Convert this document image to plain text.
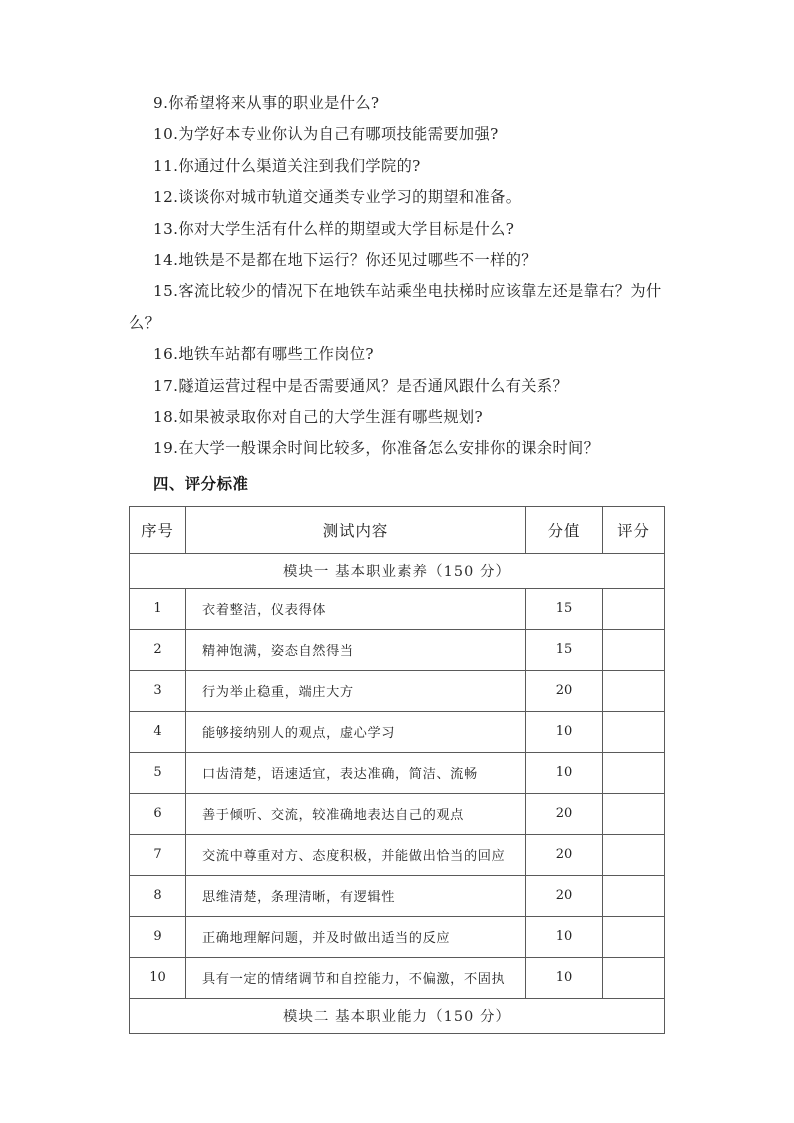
9.你希望将来从事的职业是什么?
10.为学好本专业你认为自己有哪项技能需要加强?
11.你通过什么渠道关注到我们学院的?
12.谈谈你对城市轨道交通类专业学习的期望和准备。
13.你对大学生活有什么样的期望或大学目标是什么?
14.地铁是不是都在地下运行？你还见过哪些不一样的？
15.客流比较少的情况下在地铁车站乘坐电扶梯时应该靠左还是靠右？为什么？
16.地铁车站都有哪些工作岗位?
17.隧道运营过程中是否需要通风？是否通风跟什么有关系？
18.如果被录取你对自己的大学生涯有哪些规划?
19.在大学一般课余时间比较多，你准备怎么安排你的课余时间？
四、评分标准
序号	测试内容	分值	评分
模块一 基本职业素养（150 分）			
1	衣着整洁，仪表得体	15	
2	精神饱满，姿态自然得当	15	
3	行为举止稳重，端庄大方	20	
4	能够接纳别人的观点，虚心学习	10	
5	口齿清楚，语速适宜，表达准确，简洁、流畅	10	
6	善于倾听、交流，较准确地表达自己的观点	20	
7	交流中尊重对方、态度积极，并能做出恰当的回应	20	
8	思维清楚，条理清晰，有逻辑性	20	
9	正确地理解问题，并及时做出适当的反应	10	
10	具有一定的情绪调节和自控能力，不偏激，不固执	10	
模块二 基本职业能力（150 分）			
